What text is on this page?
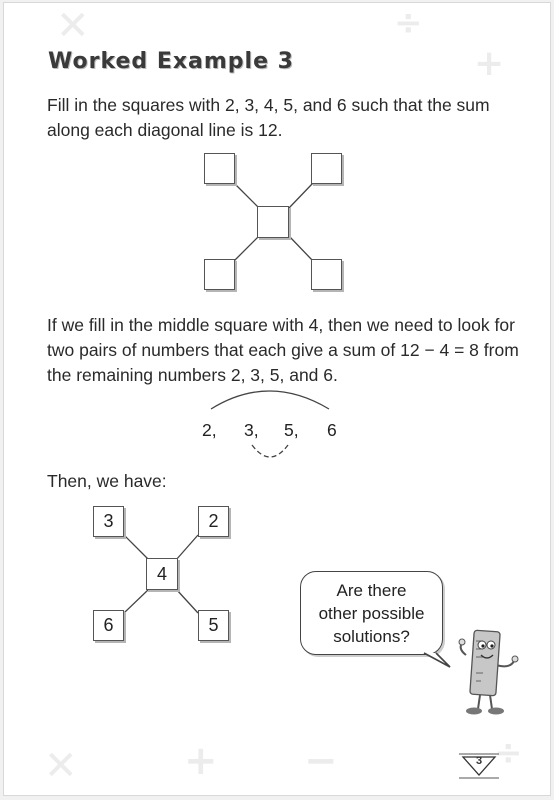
✕	÷
+
✕	+ −	÷
Worked Example 3

Fill in the squares with 2, 3, 4, 5, and 6 such that the sum along each diagonal line is 12.

If we fill in the middle square with 4, then we need to look for two pairs of numbers that each give a sum of 12 − 4 = 8 from the remaining numbers 2, 3, 5, and 6.

2, 3, 5, 6

Then, we have:

3	2
4
6	5
Are there
other possible
solutions?
3
